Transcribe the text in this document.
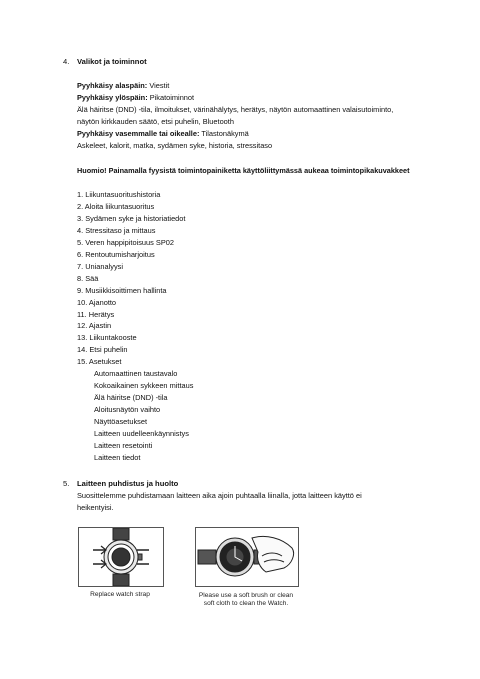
4. Valikot ja toiminnot
Pyyhkäisy alaspäin: Viestit
Pyyhkäisy ylöspäin: Pikatoiminnot
Älä häiritse (DND) -tila, ilmoitukset, värinähälytys, herätys, näytön automaattinen valaisutoiminto,
näytön kirkkauden säätö, etsi puhelin, Bluetooth
Pyyhkäisy vasemmalle tai oikealle: Tilastonäkymä
Askeleet, kalorit, matka, sydämen syke, historia, stressitaso
Huomio! Painamalla fyysistä toimintopainiketta käyttöliittymässä aukeaa toimintopikakuvakkeet
1. Liikuntasuoritushistoria
2. Aloita liikuntasuoritus
3. Sydämen syke ja historiatiedot
4. Stressitaso ja mittaus
5. Veren happipitoisuus SP02
6. Rentoutumisharjoitus
7. Unianalyysi
8. Sää
9. Musiikkisoittimen hallinta
10. Ajanotto
11. Herätys
12. Ajastin
13. Liikuntakooste
14. Etsi puhelin
15. Asetukset
Automaattinen taustavalo
Kokoaikainen sykkeen mittaus
Älä häiritse (DND) -tila
Aloitusnäytön vaihto
Näyttöasetukset
Laitteen uudelleenkäynnistys
Laitteen resetointi
Laitteen tiedot
5. Laitteen puhdistus ja huolto
Suosittelemme puhdistamaan laitteen aika ajoin puhtaalla liinalla, jotta laitteen käyttö ei
heikentyisi.
Replace watch strap	Please use a soft brush or clean
soft cloth to clean the Watch.
